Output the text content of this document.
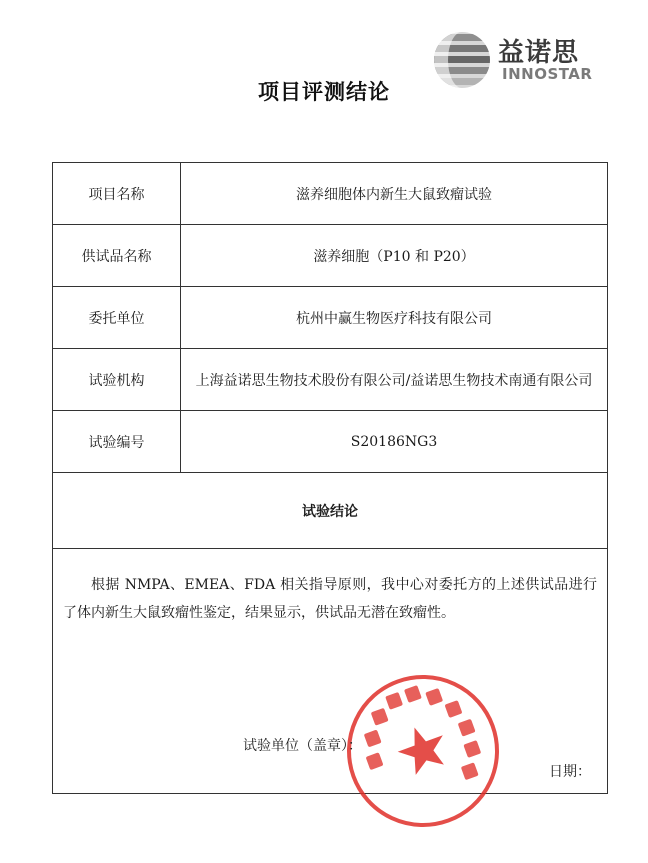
益诺思
INNOSTAR
项目评测结论
项目名称	滋养细胞体内新生大鼠致瘤试验
供试品名称	滋养细胞（P10 和 P20）
委托单位	杭州中赢生物医疗科技有限公司
试验机构	上海益诺思生物技术股份有限公司/益诺思生物技术南通有限公司
试验编号	S20186NG3
试验结论
根据 NMPA、EMEA、FDA 相关指导原则，我中心对委托方的上述供试品进行了体内新生大鼠致瘤性鉴定，结果显示，供试品无潜在致瘤性。
试验单位（盖章）：
日期：
